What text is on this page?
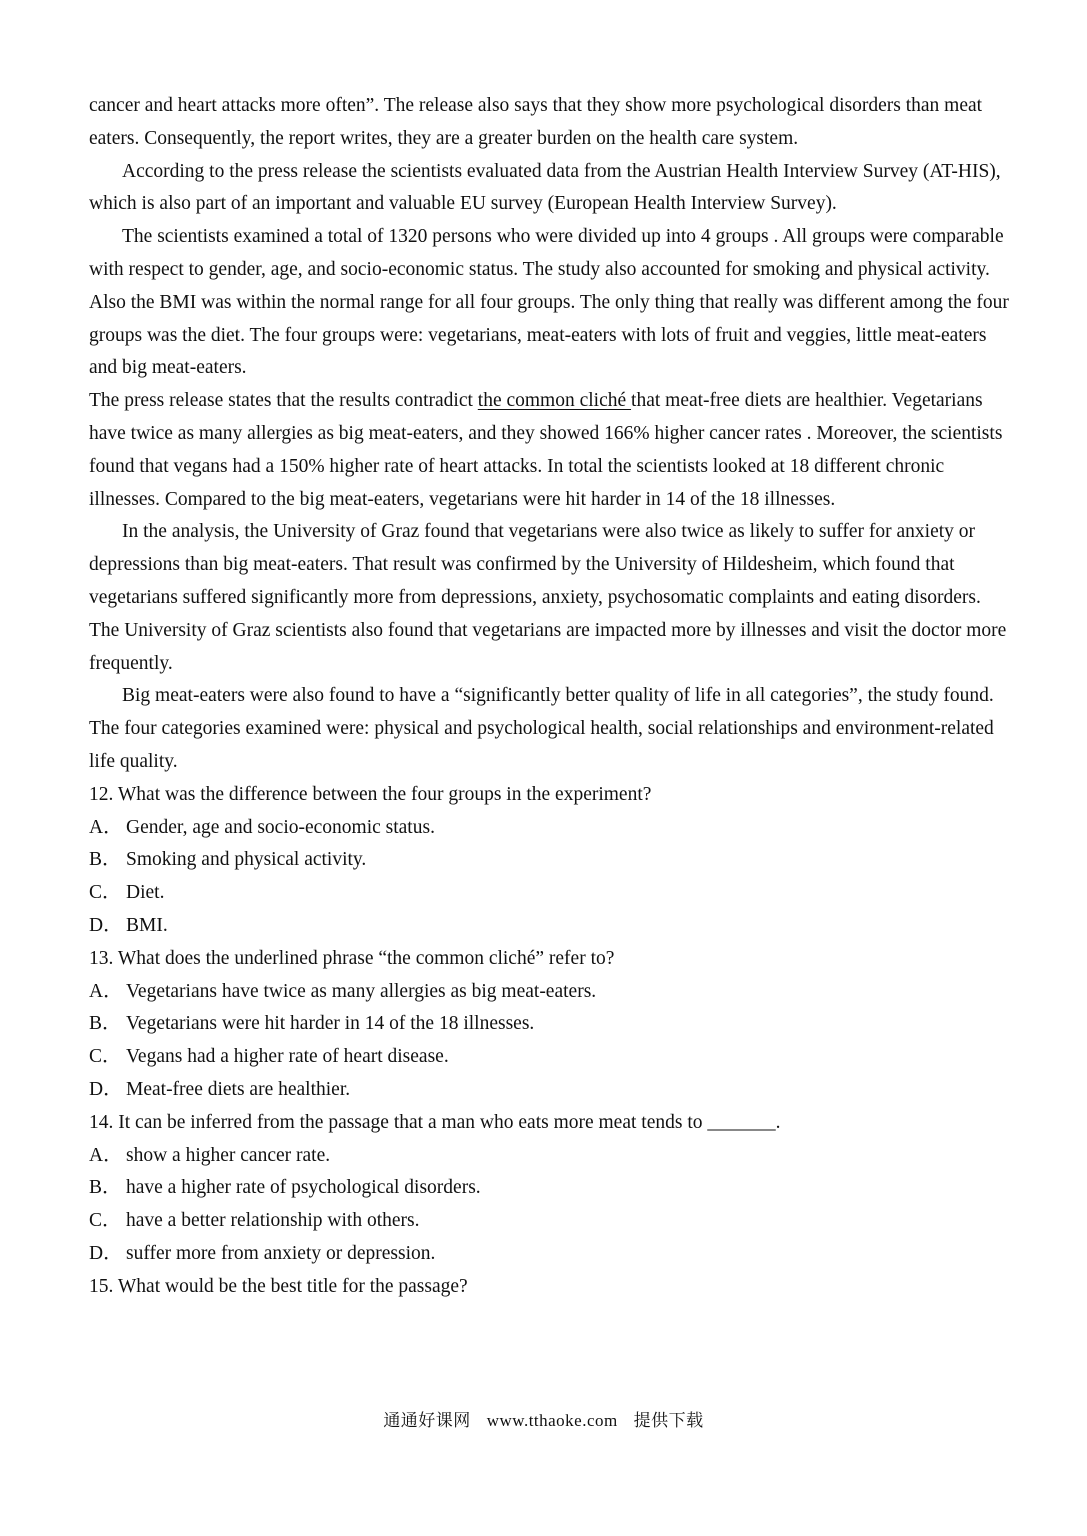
cancer and heart attacks more often”. The release also says that they show more psychological disorders than meat eaters. Consequently, the report writes, they are a greater burden on the health care system.

According to the press release the scientists evaluated data from the Austrian Health Interview Survey (AT-HIS), which is also part of an important and valuable EU survey (European Health Interview Survey).

The scientists examined a total of 1320 persons who were divided up into 4 groups . All groups were comparable with respect to gender, age, and socio-economic status. The study also accounted for smoking and physical activity. Also the BMI was within the normal range for all four groups. The only thing that really was different among the four groups was the diet. The four groups were: vegetarians, meat-eaters with lots of fruit and veggies, little meat-eaters and big meat-eaters.

The press release states that the results contradict the common cliché that meat-free diets are healthier. Vegetarians have twice as many allergies as big meat-eaters, and they showed 166% higher cancer rates . Moreover, the scientists found that vegans had a 150% higher rate of heart attacks. In total the scientists looked at 18 different chronic illnesses. Compared to the big meat-eaters, vegetarians were hit harder in 14 of the 18 illnesses.

In the analysis, the University of Graz found that vegetarians were also twice as likely to suffer for anxiety or depressions than big meat-eaters. That result was confirmed by the University of Hildesheim, which found that vegetarians suffered significantly more from depressions, anxiety, psychosomatic complaints and eating disorders. The University of Graz scientists also found that vegetarians are impacted more by illnesses and visit the doctor more frequently.

Big meat-eaters were also found to have a “significantly better quality of life in all categories”, the study found. The four categories examined were: physical and psychological health, social relationships and environment-related life quality.

12. What was the difference between the four groups in the experiment?

A． Gender, age and socio-economic status.

B． Smoking and physical activity.

C． Diet.

D． BMI.

13. What does the underlined phrase “the common cliché” refer to?

A． Vegetarians have twice as many allergies as big meat-eaters.

B． Vegetarians were hit harder in 14 of the 18 illnesses.

C． Vegans had a higher rate of heart disease.

D． Meat-free diets are healthier.

14. It can be inferred from the passage that a man who eats more meat tends to _______.

A． show a higher cancer rate.

B． have a higher rate of psychological disorders.

C． have a better relationship with others.

D． suffer more from anxiety or depression.

15. What would be the best title for the passage?

通通好课网 www.tthaoke.com 提供下载
